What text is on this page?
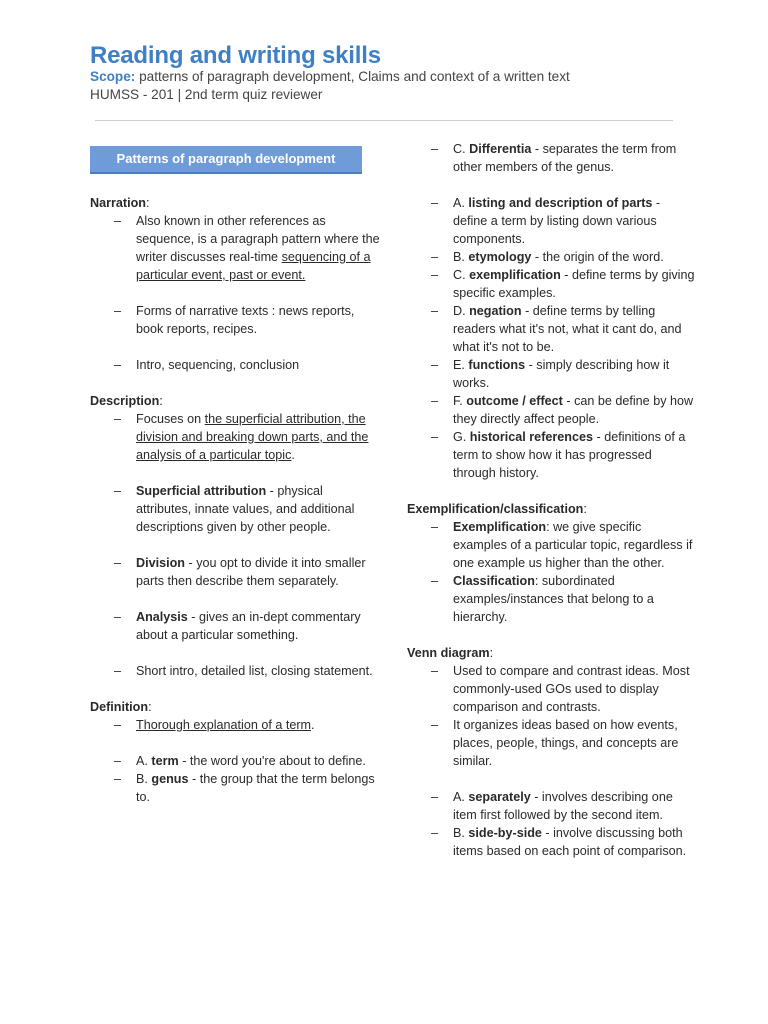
Reading and writing skills
Scope: patterns of paragraph development, Claims and context of a written text
HUMSS - 201 | 2nd term quiz reviewer
Patterns of paragraph development

Narration:

– Also known in other references as sequence, is a paragraph pattern where the writer discusses real-time sequencing of a particular event, past or event.
– Forms of narrative texts : news reports, book reports, recipes.
– Intro, sequencing, conclusion

Description:

– Focuses on the superficial attribution, the division and breaking down parts, and the analysis of a particular topic.
– Superficial attribution - physical attributes, innate values, and additional descriptions given by other people.
– Division - you opt to divide it into smaller parts then describe them separately.
– Analysis - gives an in-dept commentary about a particular something.
– Short intro, detailed list, closing statement.

Definition:

– Thorough explanation of a term.
– A. term - the word you're about to define.
– B. genus - the group that the term belongs to.
– C. Differentia - separates the term from other members of the genus.
– A. listing and description of parts - define a term by listing down various components.
– B. etymology - the origin of the word.
– C. exemplification - define terms by giving specific examples.
– D. negation - define terms by telling readers what it's not, what it cant do, and what it's not to be.
– E. functions - simply describing how it works.
– F. outcome / effect - can be define by how they directly affect people.
– G. historical references - definitions of a term to show how it has progressed through history.

Exemplification/classification:

– Exemplification: we give specific examples of a particular topic, regardless if one example us higher than the other.
– Classification: subordinated examples/instances that belong to a hierarchy.

Venn diagram:

– Used to compare and contrast ideas. Most commonly-used GOs used to display comparison and contrasts.
– It organizes ideas based on how events, places, people, things, and concepts are similar.
– A. separately - involves describing one item first followed by the second item.
– B. side-by-side - involve discussing both items based on each point of comparison.
